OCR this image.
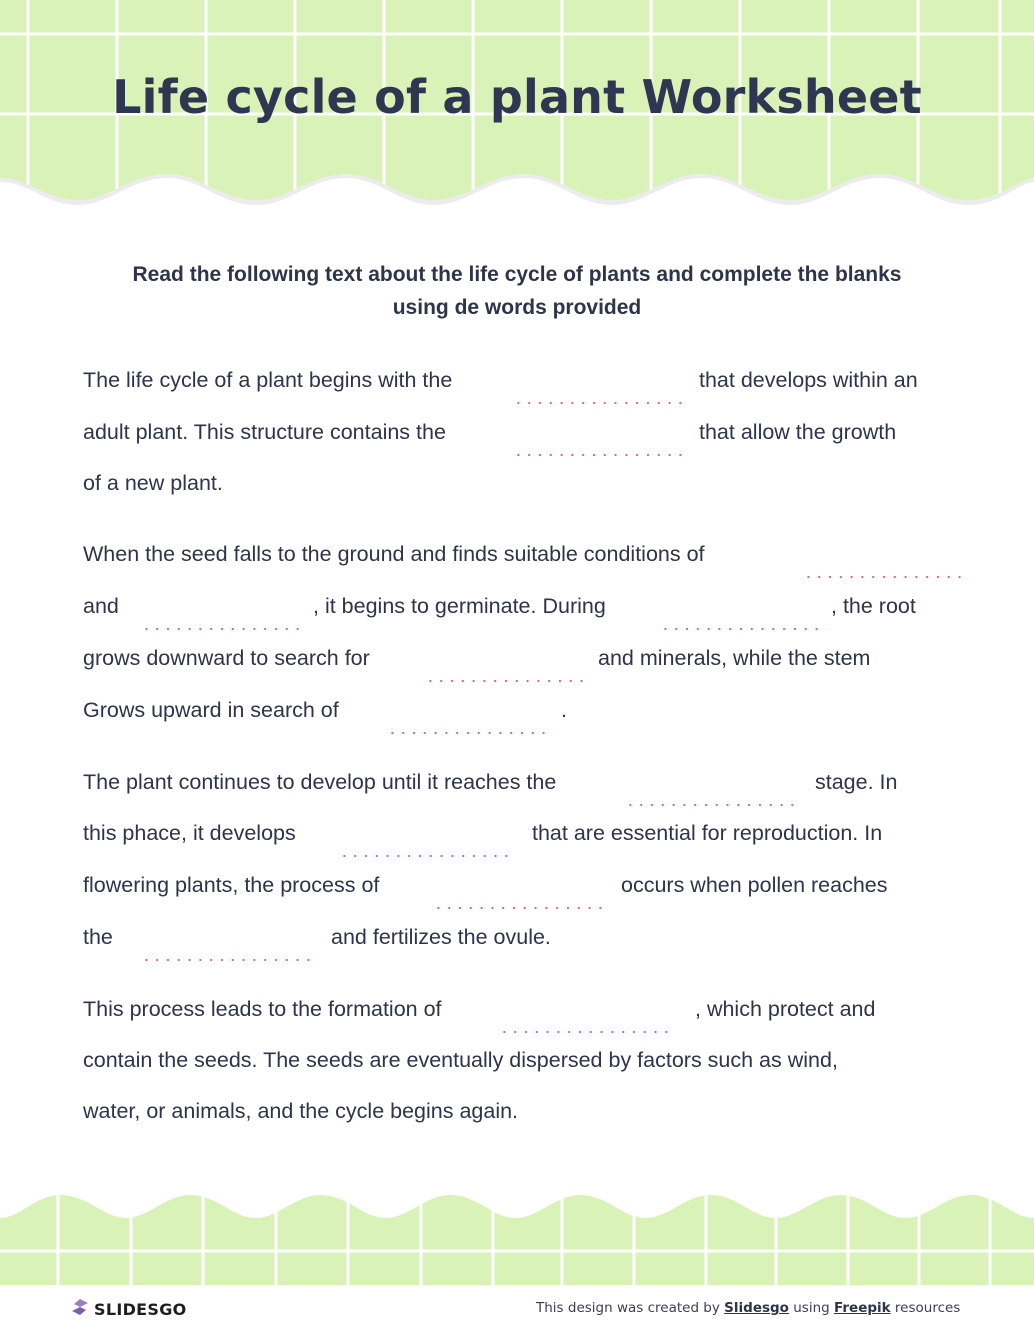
Life cycle of a plant Worksheet
Read the following text about the life cycle of plants and complete the blanks
using de words provided
The life cycle of a plant begins with the	that develops within an
adult plant. This structure contains the	that allow the growth
of a new plant.
When the seed falls to the ground and finds suitable conditions of
and	, it begins to germinate. During	, the root
grows downward to search for	and minerals, while the stem
Grows upward in search of	.
The plant continues to develop until it reaches the	stage. In
this phace, it develops	that are essential for reproduction. In
flowering plants, the process of	occurs when pollen reaches
the	and fertilizes the ovule.
This process leads to the formation of	, which protect and
contain the seeds. The seeds are eventually dispersed by factors such as wind,
water, or animals, and the cycle begins again.
SLIDESGO	This design was created by Slidesgo using Freepik resources
